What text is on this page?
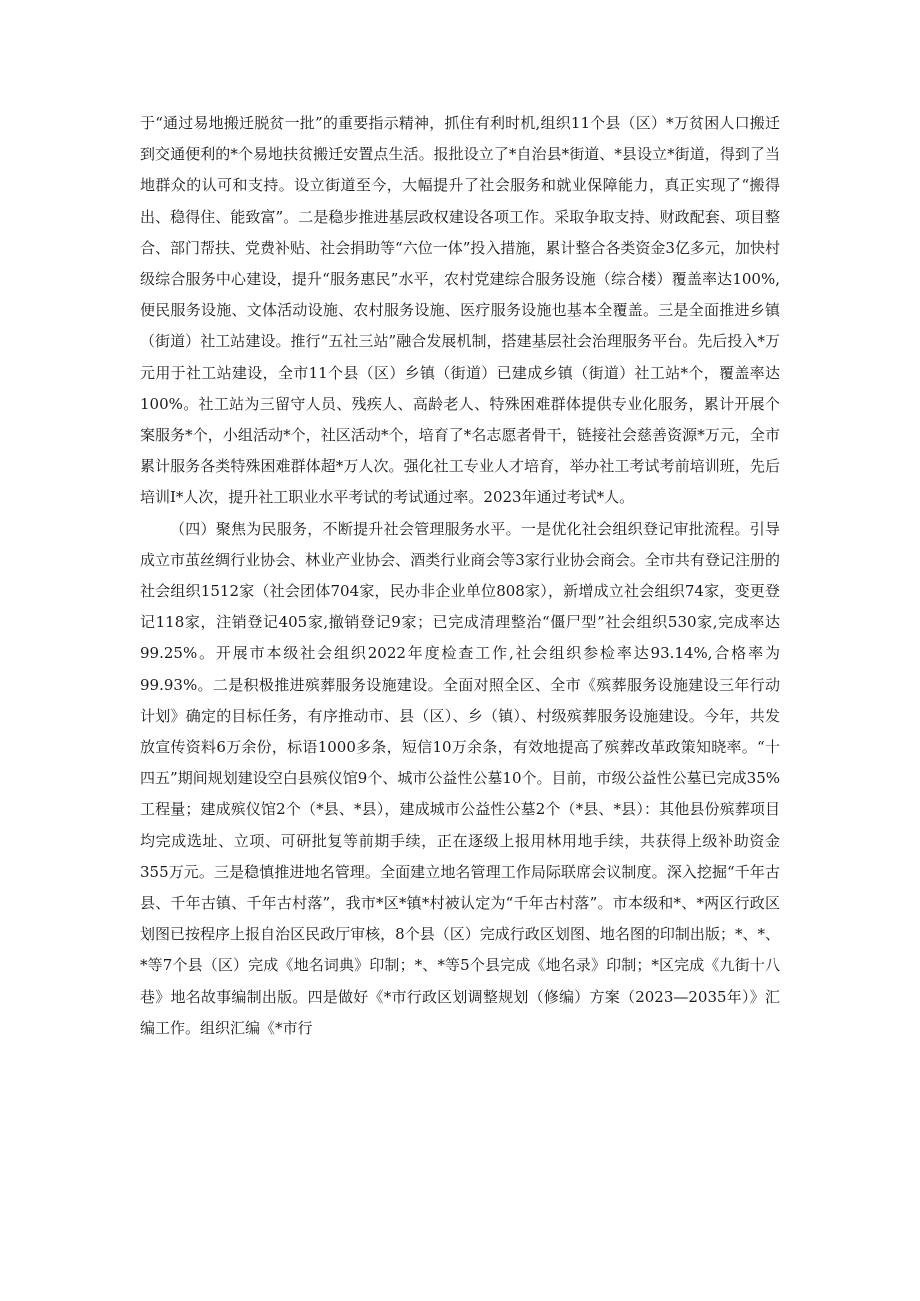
于“通过易地搬迁脱贫一批”的重要指示精神，抓住有利时机,组织11个县（区）*万贫困人口搬迁到交通便利的*个易地扶贫搬迁安置点生活。报批设立了*自治县*街道、*县设立*街道，得到了当地群众的认可和支持。设立街道至今，大幅提升了社会服务和就业保障能力，真正实现了“搬得出、稳得住、能致富”。二是稳步推进基层政权建设各项工作。采取争取支持、财政配套、项目整合、部门帮扶、党费补贴、社会捐助等“六位一体”投入措施，累计整合各类资金3亿多元，加快村级综合服务中心建设，提升“服务惠民”水平，农村党建综合服务设施（综合楼）覆盖率达100%,便民服务设施、文体活动设施、农村服务设施、医疗服务设施也基本全覆盖。三是全面推进乡镇（街道）社工站建设。推行“五社三站”融合发展机制，搭建基层社会治理服务平台。先后投入*万元用于社工站建设，全市11个县（区）乡镇（街道）已建成乡镇（街道）社工站*个，覆盖率达100%。社工站为三留守人员、残疾人、高龄老人、特殊困难群体提供专业化服务，累计开展个案服务*个，小组活动*个，社区活动*个，培育了*名志愿者骨干，链接社会慈善资源*万元，全市累计服务各类特殊困难群体超*万人次。强化社工专业人才培育，举办社工考试考前培训班，先后培训I*人次，提升社工职业水平考试的考试通过率。2023年通过考试*人。

（四）聚焦为民服务，不断提升社会管理服务水平。一是优化社会组织登记审批流程。引导成立市茧丝绸行业协会、林业产业协会、酒类行业商会等3家行业协会商会。全市共有登记注册的社会组织1512家（社会团体704家，民办非企业单位808家），新增成立社会组织74家，变更登记118家，注销登记405家,撤销登记9家；已完成清理整治“僵尸型”社会组织530家,完成率达99.25%。开展市本级社会组织2022年度检查工作,社会组织参检率达93.14%,合格率为99.93%。二是积极推进殡葬服务设施建设。全面对照全区、全市《殡葬服务设施建设三年行动计划》确定的目标任务，有序推动市、县（区）、乡（镇）、村级殡葬服务设施建设。今年，共发放宣传资料6万余份，标语1000多条，短信10万余条，有效地提高了殡葬改革政策知晓率。“十四五”期间规划建设空白县殡仪馆9个、城市公益性公墓10个。目前，市级公益性公墓已完成35%工程量；建成殡仪馆2个（*县、*县），建成城市公益性公墓2个（*县、*县）：其他县份殡葬项目均完成选址、立项、可研批复等前期手续，正在逐级上报用林用地手续，共获得上级补助资金355万元。三是稳慎推进地名管理。全面建立地名管理工作局际联席会议制度。深入挖掘“千年古县、千年古镇、千年古村落”，我市*区*镇*村被认定为“千年古村落”。市本级和*、*两区行政区划图已按程序上报自治区民政厅审核，8个县（区）完成行政区划图、地名图的印制出版；*、*、*等7个县（区）完成《地名词典》印制；*、*等5个县完成《地名录》印制；*区完成《九街十八巷》地名故事编制出版。四是做好《*市行政区划调整规划（修编）方案（2023—2035年）》汇编工作。组织汇编《*市行
